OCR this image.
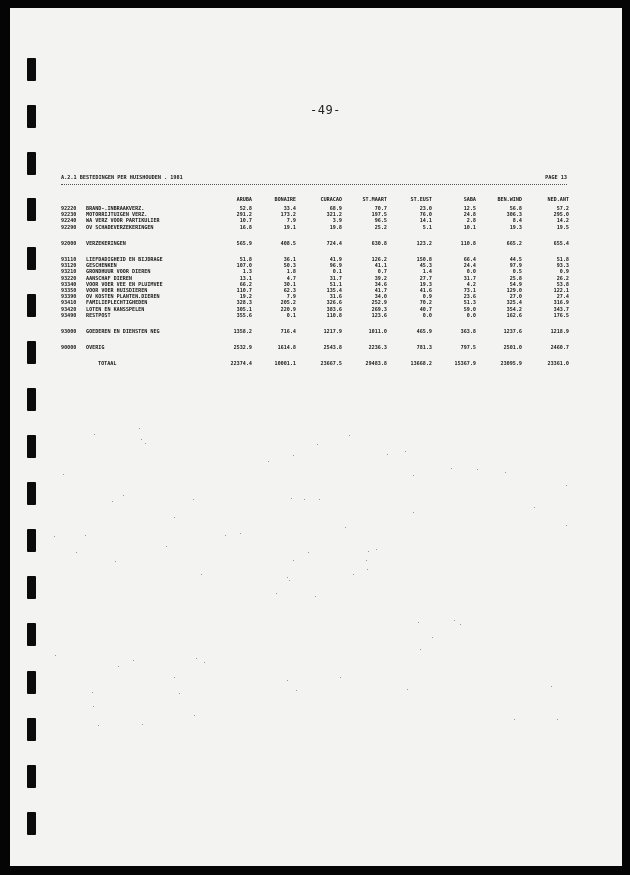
-49-
A.2.1 BESTEDINGEN PER HUISHOUDEN . 1981	PAGE 13
		ARUBA	BONAIRE	CURACAO	ST.MAART	ST.EUST	SABA	BEN.WIND	NED.ANT
92220	BRAND-.INBRAAKVERZ.	52.8	33.4	68.9	70.7	23.0	12.5	56.8	57.2
92230	MOTORRIJTUIGEN VERZ.	291.2	173.2	321.2	197.5	76.0	24.8	306.3	295.0
92240	WA VERZ VOOR PARTIKULIER	10.7	7.9	3.9	96.5	14.1	2.8	8.4	14.2
92290	OV SCHADEVERZEKERINGEN	16.8	19.1	19.8	25.2	5.1	10.1	19.3	19.5

92000	VERZEKERINGEN	565.9	408.5	724.4	630.8	123.2	110.8	665.2	655.4

93110	LIEFDADIGHEID EN BIJDRAGE	51.8	36.1	41.9	126.2	150.8	66.4	44.5	51.8
93120	GESCHENKEN	107.0	50.3	96.9	41.1	45.3	24.4	97.9	93.3
93210	GRONDHUUR VOOR DIEREN	1.3	1.8	0.1	0.7	1.4	0.0	0.5	0.9
93220	AANSCHAF DIEREN	13.1	4.7	31.7	39.2	27.7	31.7	25.8	26.2
93340	VOOR VOER VEE EN PLUIMVEE	66.2	30.1	51.1	34.6	19.3	4.2	54.9	53.8
93350	VOOR VOER HUISDIEREN	110.7	62.3	135.4	41.7	41.6	73.1	129.0	122.1
93390	OV KOSTEN PLANTEN.DIEREN	19.2	7.9	31.6	34.0	0.9	23.6	27.0	27.4
93410	FAMILIEPLECHTIGHEDEN	328.3	205.2	326.6	252.9	70.2	51.3	325.4	316.9
93420	LOTEN EN KANSSPELEN	305.1	220.9	383.6	269.3	40.7	59.0	354.2	343.7
93490	RESTPOST	355.6	0.1	110.8	123.6	0.0	0.0	162.6	176.5

93000	GOEDEREN EN DIENSTEN NEG	1358.2	716.4	1217.9	1011.0	465.9	363.8	1237.6	1218.9

90000	OVERIG	2532.9	1614.8	2543.8	2236.3	781.3	797.5	2501.0	2460.7

	TOTAAL	22374.4	10001.1	23667.5	29483.8	13668.2	15367.9	23095.9	23361.0
